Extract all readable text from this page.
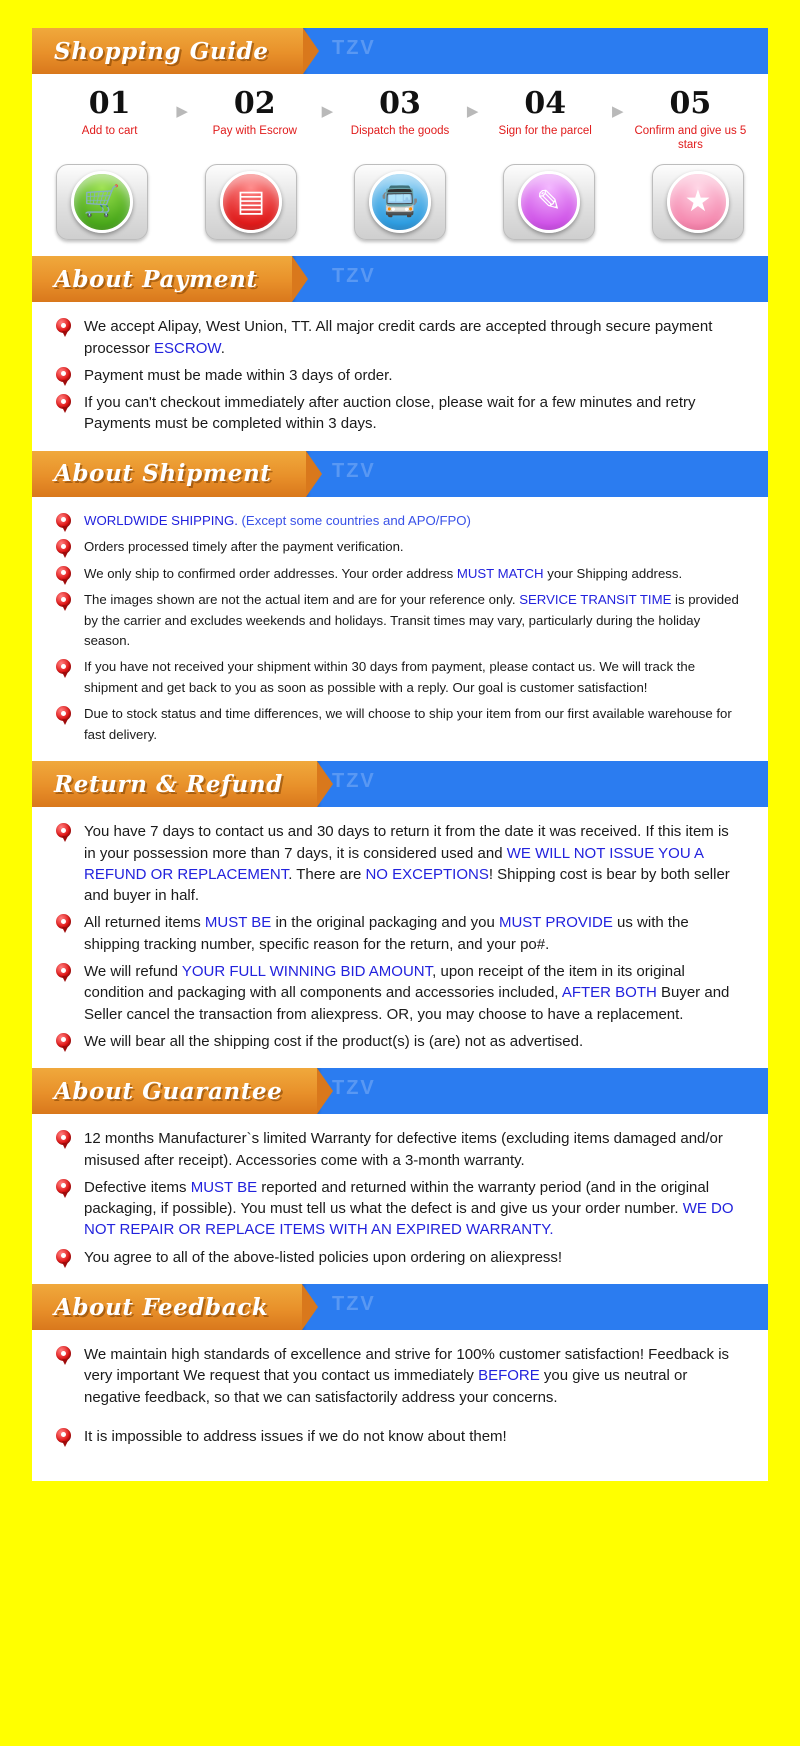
Shopping Guide	TZV
01
Add to cart
▶	02
Pay with Escrow
▶	03
Dispatch the goods
▶	04
Sign for the parcel
▶	05
Confirm and give us 5 stars
🛒	▤	🚍	✎	★
About Payment	TZV
We accept Alipay, West Union, TT. All major credit cards are accepted through secure payment processor ESCROW.
Payment must be made within 3 days of order.
If you can't checkout immediately after auction close, please wait for a few minutes and retry Payments must be completed within 3 days.
About Shipment	TZV
WORLDWIDE SHIPPING. (Except some countries and APO/FPO)
Orders processed timely after the payment verification.
We only ship to confirmed order addresses. Your order address MUST MATCH your Shipping address.
The images shown are not the actual item and are for your reference only. SERVICE TRANSIT TIME is provided by the carrier and excludes weekends and holidays. Transit times may vary, particularly during the holiday season.
If you have not received your shipment within 30 days from payment, please contact us. We will track the shipment and get back to you as soon as possible with a reply. Our goal is customer satisfaction!
Due to stock status and time differences, we will choose to ship your item from our first available warehouse for fast delivery.
Return & Refund TZV
You have 7 days to contact us and 30 days to return it from the date it was received. If this item is in your possession more than 7 days, it is considered used and WE WILL NOT ISSUE YOU A REFUND OR REPLACEMENT. There are NO EXCEPTIONS! Shipping cost is bear by both seller and buyer in half.
All returned items MUST BE in the original packaging and you MUST PROVIDE us with the shipping tracking number, specific reason for the return, and your po#.
We will refund YOUR FULL WINNING BID AMOUNT, upon receipt of the item in its original condition and packaging with all components and accessories included, AFTER BOTH Buyer and Seller cancel the transaction from aliexpress. OR, you may choose to have a replacement.
We will bear all the shipping cost if the product(s) is (are) not as advertised.
About Guarantee TZV
12 months Manufacturer`s limited Warranty for defective items (excluding items damaged and/or misused after receipt). Accessories come with a 3-month warranty.
Defective items MUST BE reported and returned within the warranty period (and in the original packaging, if possible). You must tell us what the defect is and give us your order number. WE DO NOT REPAIR OR REPLACE ITEMS WITH AN EXPIRED WARRANTY.
You agree to all of the above-listed policies upon ordering on aliexpress!
About Feedback	TZV
We maintain high standards of excellence and strive for 100% customer satisfaction! Feedback is very important We request that you contact us immediately BEFORE you give us neutral or negative feedback, so that we can satisfactorily address your concerns.
It is impossible to address issues if we do not know about them!
